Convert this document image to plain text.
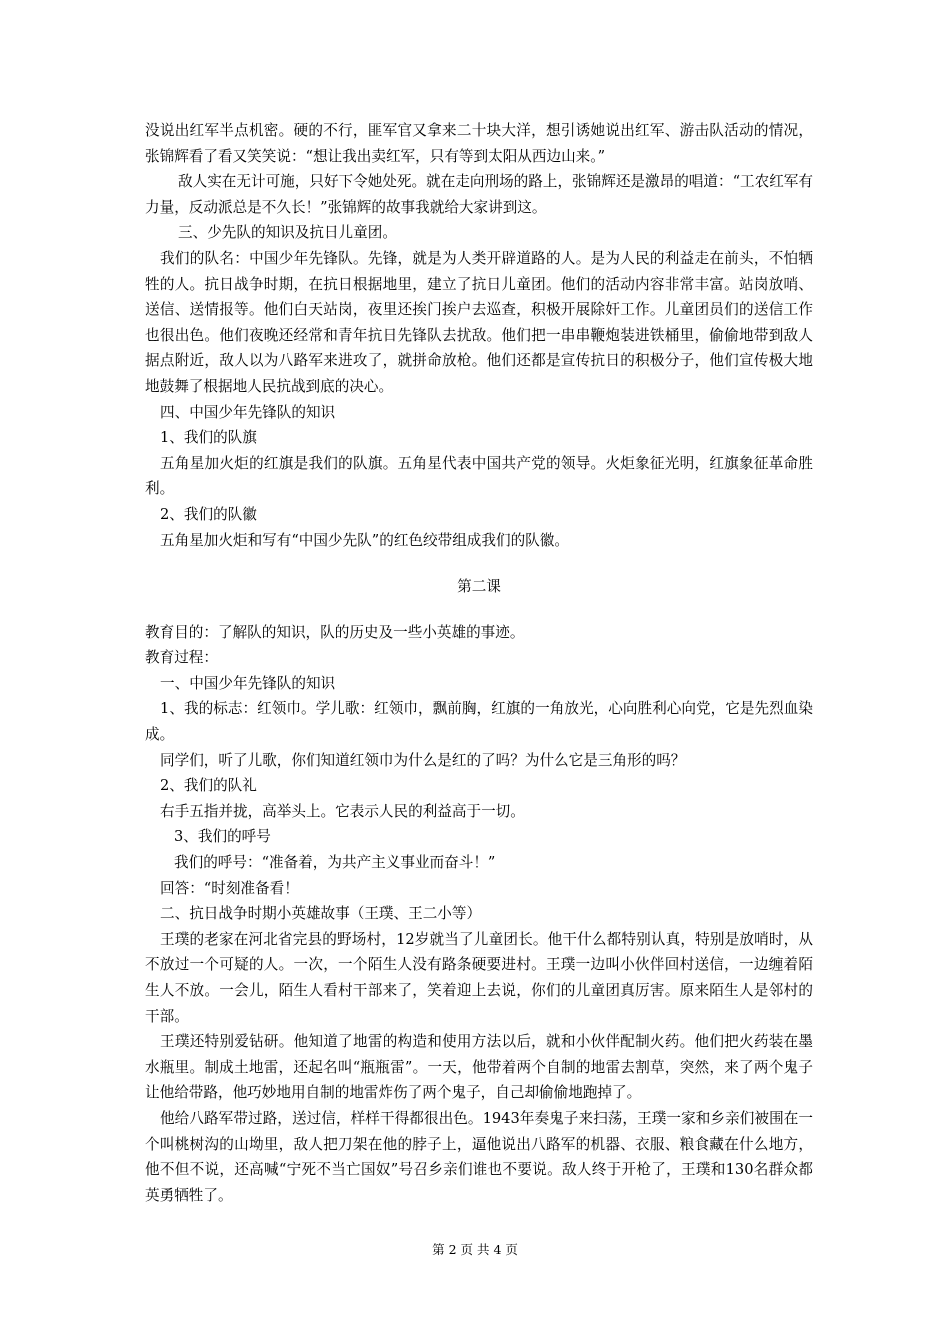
没说出红军半点机密。硬的不行，匪军官又拿来二十块大洋，想引诱她说出红军、游击队活动的情况，张锦辉看了看又笑笑说：“想让我出卖红军，只有等到太阳从西边山来。”

敌人实在无计可施，只好下令她处死。就在走向刑场的路上，张锦辉还是激昂的唱道：“工农红军有力量，反动派总是不久长！”张锦辉的故事我就给大家讲到这。

三、少先队的知识及抗日儿童团。

我们的队名：中国少年先锋队。先锋，就是为人类开辟道路的人。是为人民的利益走在前头，不怕牺牲的人。抗日战争时期，在抗日根据地里，建立了抗日儿童团。他们的活动内容非常丰富。站岗放哨、送信、送情报等。他们白天站岗，夜里还挨门挨户去巡查，积极开展除奸工作。儿童团员们的送信工作也很出色。他们夜晚还经常和青年抗日先锋队去扰敌。他们把一串串鞭炮装进铁桶里，偷偷地带到敌人据点附近，敌人以为八路军来进攻了，就拼命放枪。他们还都是宣传抗日的积极分子，他们宣传极大地地鼓舞了根据地人民抗战到底的决心。

四、中国少年先锋队的知识

1、我们的队旗

五角星加火炬的红旗是我们的队旗。五角星代表中国共产党的领导。火炬象征光明，红旗象征革命胜利。

2、我们的队徽

五角星加火炬和写有“中国少先队”的红色绞带组成我们的队徽。

第二课

教育目的：了解队的知识，队的历史及一些小英雄的事迹。

教育过程：

一、中国少年先锋队的知识

1、我的标志：红领巾。学儿歌：红领巾，飘前胸，红旗的一角放光，心向胜利心向党，它是先烈血染成。

同学们，听了儿歌，你们知道红领巾为什么是红的了吗？为什么它是三角形的吗？

2、我们的队礼

右手五指并拢，高举头上。它表示人民的利益高于一切。

3、我们的呼号

我们的呼号：“准备着，为共产主义事业而奋斗！”

回答：“时刻准备看！

二、抗日战争时期小英雄故事（王璞、王二小等）

王璞的老家在河北省完县的野场村，12岁就当了儿童团长。他干什么都特别认真，特别是放哨时，从不放过一个可疑的人。一次，一个陌生人没有路条硬要进村。王璞一边叫小伙伴回村送信，一边缠着陌生人不放。一会儿，陌生人看村干部来了，笑着迎上去说，你们的儿童团真厉害。原来陌生人是邻村的干部。

王璞还特别爱钻研。他知道了地雷的构造和使用方法以后，就和小伙伴配制火药。他们把火药装在墨水瓶里。制成土地雷，还起名叫“瓶瓶雷”。一天，他带着两个自制的地雷去割草，突然，来了两个鬼子让他给带路，他巧妙地用自制的地雷炸伤了两个鬼子，自己却偷偷地跑掉了。

他给八路军带过路，送过信，样样干得都很出色。1943年奏鬼子来扫荡，王璞一家和乡亲们被围在一个叫桃树沟的山坳里，敌人把刀架在他的脖子上，逼他说出八路军的机器、衣服、粮食藏在什么地方，他不但不说，还高喊“宁死不当亡国奴”号召乡亲们谁也不要说。敌人终于开枪了，王璞和130名群众都英勇牺牲了。

第 2 页 共 4 页
